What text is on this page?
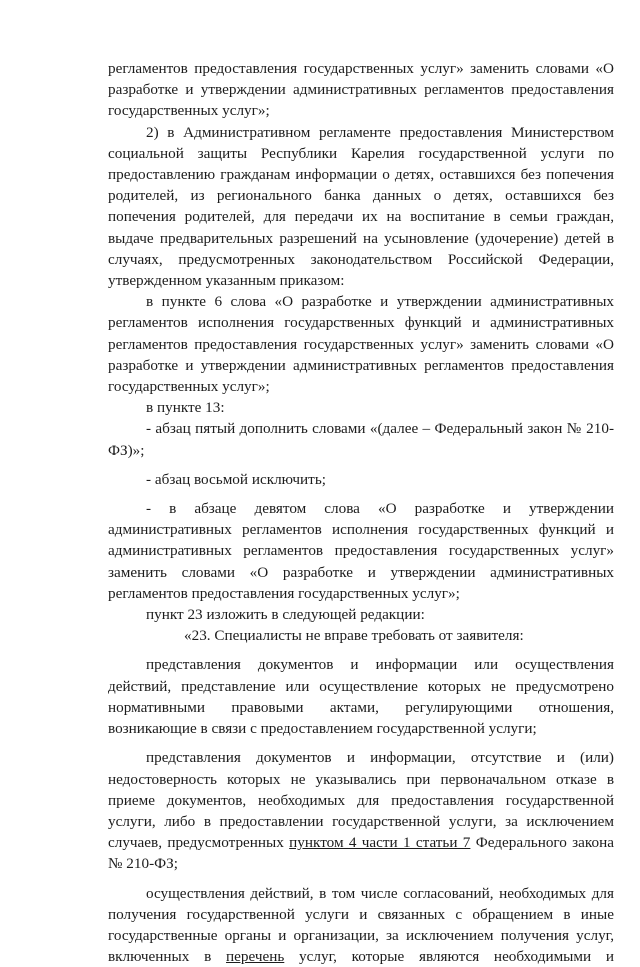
регламентов предоставления государственных услуг» заменить словами «О разработке и утверждении административных регламентов предоставления государственных услуг»;

2) в Административном регламенте предоставления Министерством социальной защиты Республики Карелия государственной услуги по предоставлению гражданам информации о детях, оставшихся без попечения родителей, из регионального банка данных о детях, оставшихся без попечения родителей, для передачи их на воспитание в семьи граждан, выдаче предварительных разрешений на усыновление (удочерение) детей в случаях, предусмотренных законодательством Российской Федерации, утвержденном указанным приказом:

в пункте 6 слова «О разработке и утверждении административных регламентов исполнения государственных функций и административных регламентов предоставления государственных услуг» заменить словами «О разработке и утверждении административных регламентов предоставления государственных услуг»;

в пункте 13:

- абзац пятый дополнить словами «(далее – Федеральный закон № 210-ФЗ)»;

- абзац восьмой исключить;

- в абзаце девятом слова «О разработке и утверждении административных регламентов исполнения государственных функций и административных регламентов предоставления государственных услуг» заменить словами «О разработке и утверждении административных регламентов предоставления государственных услуг»;

пункт 23 изложить в следующей редакции:

«23. Специалисты не вправе требовать от заявителя:

представления документов и информации или осуществления действий, представление или осуществление которых не предусмотрено нормативными правовыми актами, регулирующими отношения, возникающие в связи с предоставлением государственной услуги;

представления документов и информации, отсутствие и (или) недостоверность которых не указывались при первоначальном отказе в приеме документов, необходимых для предоставления государственной услуги, либо в предоставлении государственной услуги, за исключением случаев, предусмотренных пунктом 4 части 1 статьи 7 Федерального закона № 210-ФЗ;

осуществления действий, в том числе согласований, необходимых для получения государственной услуги и связанных с обращением в иные государственные органы и организации, за исключением получения услуг, включенных в перечень услуг, которые являются необходимыми и
